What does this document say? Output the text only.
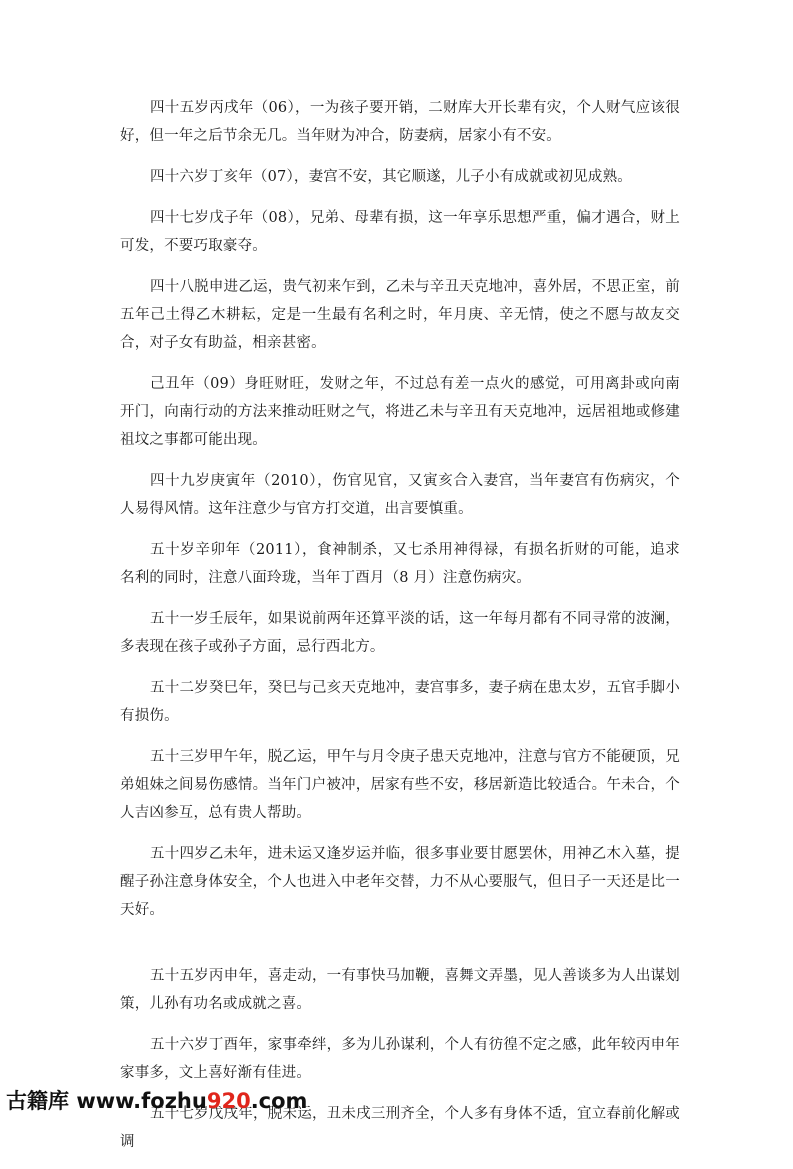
四十五岁丙戌年（06），一为孩子要开销，二财库大开长辈有灾，个人财气应该很好，但一年之后节余无几。当年财为冲合，防妻病，居家小有不安。

四十六岁丁亥年（07），妻宫不安，其它顺遂，儿子小有成就或初见成熟。

四十七岁戊子年（08），兄弟、母辈有损，这一年享乐思想严重，偏才遇合，财上可发，不要巧取豪夺。

四十八脱申进乙运，贵气初来乍到，乙未与辛丑天克地冲，喜外居，不思正室，前五年己土得乙木耕耘，定是一生最有名利之时，年月庚、辛无情，使之不愿与故友交合，对子女有助益，相亲甚密。

己丑年（09）身旺财旺，发财之年，不过总有差一点火的感觉，可用离卦或向南开门，向南行动的方法来推动旺财之气，将进乙未与辛丑有天克地冲，远居祖地或修建祖坟之事都可能出现。

四十九岁庚寅年（2010），伤官见官，又寅亥合入妻宫，当年妻宫有伤病灾，个人易得风情。这年注意少与官方打交道，出言要慎重。

五十岁辛卯年（2011），食神制杀，又七杀用神得禄，有损名折财的可能，追求名利的同时，注意八面玲珑，当年丁酉月（8 月）注意伤病灾。

五十一岁壬辰年，如果说前两年还算平淡的话，这一年每月都有不同寻常的波澜，多表现在孩子或孙子方面，忌行西北方。

五十二岁癸巳年，癸巳与己亥天克地冲，妻宫事多，妻子病在患太岁，五官手脚小有损伤。

五十三岁甲午年，脱乙运，甲午与月令庚子患天克地冲，注意与官方不能硬顶，兄弟姐妹之间易伤感情。当年门户被冲，居家有些不安，移居新造比较适合。午未合，个人吉凶参互，总有贵人帮助。

五十四岁乙未年，进未运又逢岁运并临，很多事业要甘愿罢休，用神乙木入墓，提醒子孙注意身体安全，个人也进入中老年交替，力不从心要服气，但日子一天还是比一天好。

五十五岁丙申年，喜走动，一有事快马加鞭，喜舞文弄墨，见人善谈多为人出谋划策，儿孙有功名或成就之喜。

五十六岁丁酉年，家事牵绊，多为儿孙谋利，个人有彷徨不定之感，此年较丙申年家事多，文上喜好渐有佳进。

五十七岁戊戌年，脱未运，丑未戌三刑齐全，个人多有身体不适，宜立春前化解或调

古籍库 www.fozhu920.com
